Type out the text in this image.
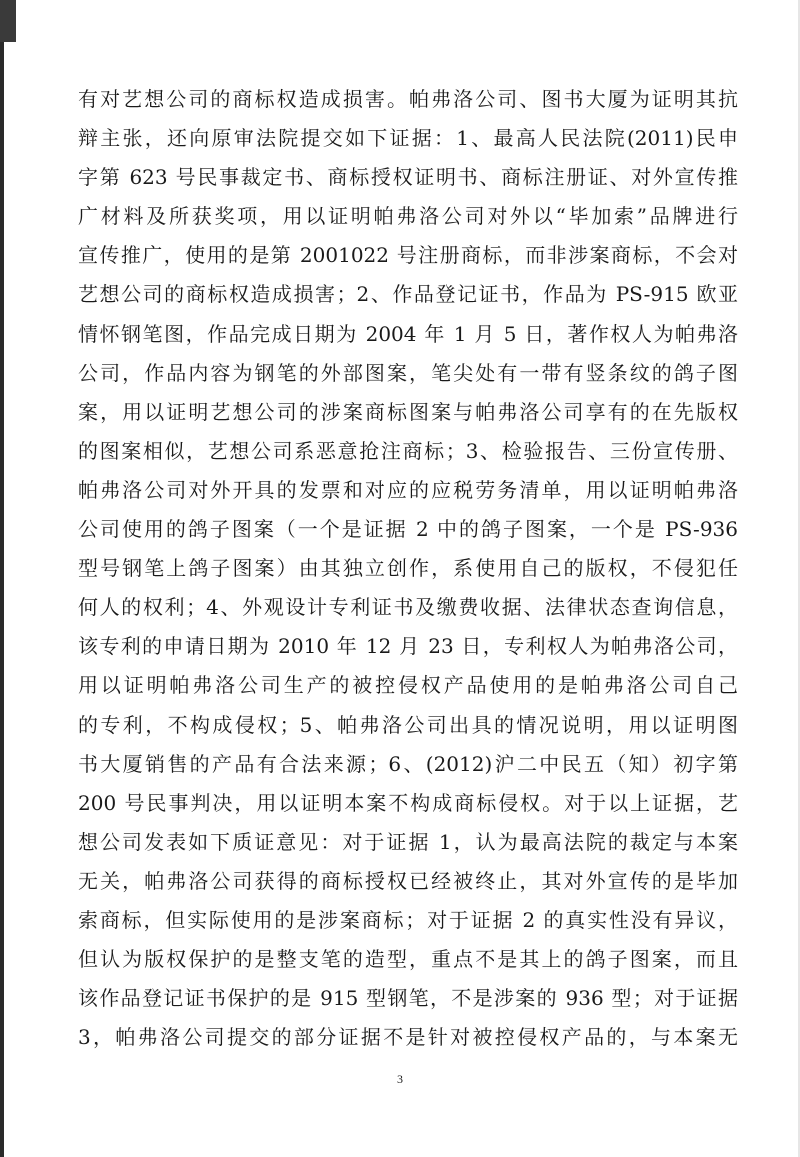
有对艺想公司的商标权造成损害。帕弗洛公司、图书大厦为证明其抗
辩主张，还向原审法院提交如下证据：1、最高人民法院(2011)民申
字第 623 号民事裁定书、商标授权证明书、商标注册证、对外宣传推
广材料及所获奖项，用以证明帕弗洛公司对外以“毕加索”品牌进行
宣传推广，使用的是第 2001022 号注册商标，而非涉案商标，不会对
艺想公司的商标权造成损害；2、作品登记证书，作品为 PS-915 欧亚
情怀钢笔图，作品完成日期为 2004 年 1 月 5 日，著作权人为帕弗洛
公司，作品内容为钢笔的外部图案，笔尖处有一带有竖条纹的鸽子图
案，用以证明艺想公司的涉案商标图案与帕弗洛公司享有的在先版权
的图案相似，艺想公司系恶意抢注商标；3、检验报告、三份宣传册、
帕弗洛公司对外开具的发票和对应的应税劳务清单，用以证明帕弗洛
公司使用的鸽子图案（一个是证据 2 中的鸽子图案，一个是 PS-936
型号钢笔上鸽子图案）由其独立创作，系使用自己的版权，不侵犯任
何人的权利；4、外观设计专利证书及缴费收据、法律状态查询信息，
该专利的申请日期为 2010 年 12 月 23 日，专利权人为帕弗洛公司，
用以证明帕弗洛公司生产的被控侵权产品使用的是帕弗洛公司自己
的专利，不构成侵权；5、帕弗洛公司出具的情况说明，用以证明图
书大厦销售的产品有合法来源；6、(2012)沪二中民五（知）初字第
200 号民事判决，用以证明本案不构成商标侵权。对于以上证据，艺
想公司发表如下质证意见：对于证据 1，认为最高法院的裁定与本案
无关，帕弗洛公司获得的商标授权已经被终止，其对外宣传的是毕加
索商标，但实际使用的是涉案商标；对于证据 2 的真实性没有异议，
但认为版权保护的是整支笔的造型，重点不是其上的鸽子图案，而且
该作品登记证书保护的是 915 型钢笔，不是涉案的 936 型；对于证据
3，帕弗洛公司提交的部分证据不是针对被控侵权产品的，与本案无
3
